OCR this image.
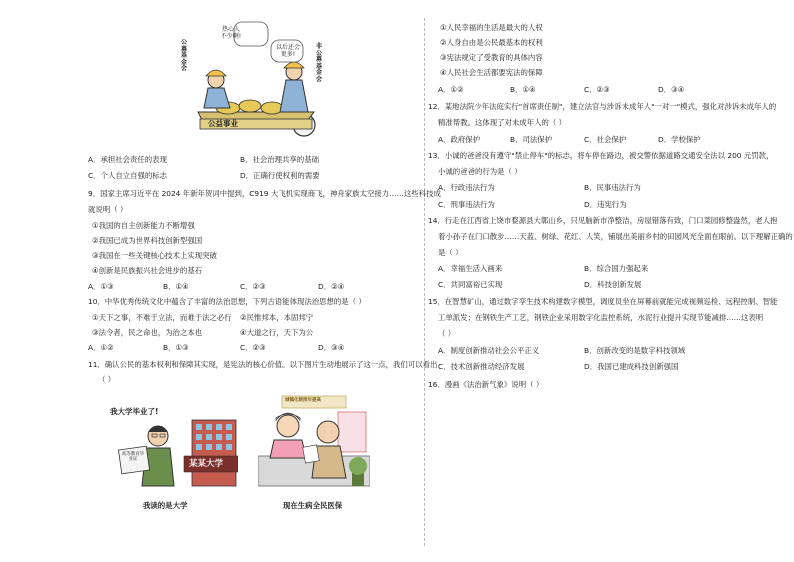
热心人
不少啊!
以后还会
更多!
公募基金会
非公募基金会
公益事业
A．承担社会责任的表现	B．社会治理共享的基础
C．个人自立自强的标志	D．正确行使权利的需要
9．国家主席习近平在 2024 年新年贺词中提到，C919 大飞机实现商飞，神舟家族太空接力……这些科技成
就说明（ ）
①我国的自主创新能力不断增强
②我国已成为世界科技创新型强国
③我国在一些关键核心技术上实现突破
④创新是民族振兴社会进步的基石
A．①③	B．①④	C．②③	D．②④
10．中华优秀传统文化中蕴含了丰富的法治思想，下列古语能体现法治思想的是（ ）
①天下之事，不难于立法，而难于法之必行 ②民惟邦本，本固邦宁
③法令者，民之命也，为治之本也	④大道之行，天下为公
A．①②	B．①③	C．②③	D．③④
11．确认公民的基本权利和保障其实现，是宪法的核心价值。以下图片生动地展示了这一点，我们可以看出
（ ）
我大学毕业了!
高等教育毕业证	某某大学
我读的是大学
城镇化制度年提高
现在生病全民医保
①人民幸福的生活是最大的人权
②人身自由是公民最基本的权利
③宪法规定了受教育的具体内容
④人民社会生活都要宪法的保障
A．①②	B．①④	C．②③	D．③④
12．某地法院少年法庭实行"首席责任制"，建立法官与涉诉未成年人"一对一"模式，强化对涉诉未成年人的
精准帮教。这体现了对未成年人的（ ）
A．政府保护	B．司法保护	C．社会保护	D．学校保护
13．小诚的爸爸没有遵守"禁止停车"的标志，将车停在路边，被交警依据道路交通安全法以 200 元罚款，
小诚的爸爸的行为是（ ）
A．行政违法行为	B．民事违法行为
C．刑事违法行为	D．违宪行为
14．行走在江西省上饶市婺源县大鄣山乡，只见脑新市净整洁，房屋错落有致，门口菜园修整盎然，老人抱
着小孙子在门口散步……天蓝、树绿、花红、人笑，铺展出美丽乡村的田园风光全面在眼前。以下理解正确的
是（ ）
A．幸福生活入画来	B．综合国力强起来
C．共同富裕已实现	D．科技创新发展
15．在智慧矿山，通过数字孪生技术构建数字模型，调度员坐在屏幕前就能完成视频巡检、远程控制、智能
工单派发；在钢铁生产工艺，钢铁企业采用数字化监控系统，水泥行业提升实现节能减排……这表明
（ ）
A．制度创新推动社会公平正义	B．创新改变的是数字科技领域
C．技术创新推动经济发展	D．我国已建成科技创新强国
16．漫画《法治新气象》说明（ ）
